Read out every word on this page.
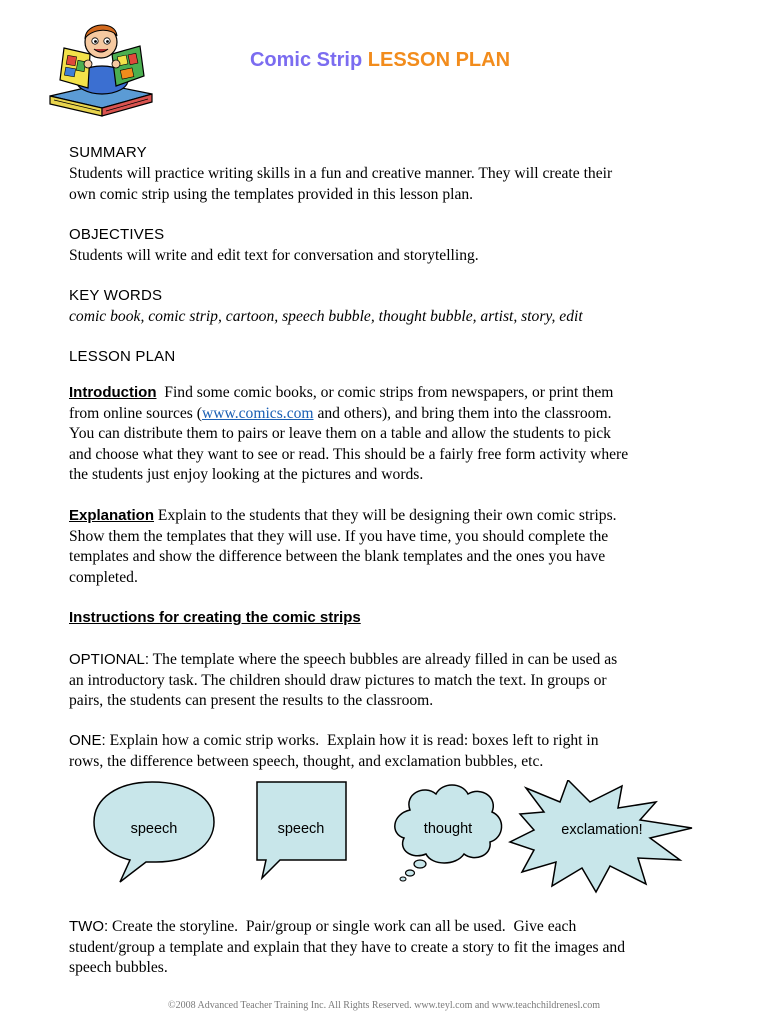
Comic Strip LESSON PLAN
SUMMARY
Students will practice writing skills in a fun and creative manner. They will create their
own comic strip using the templates provided in this lesson plan.
OBJECTIVES
Students will write and edit text for conversation and storytelling.
KEY WORDS
comic book, comic strip, cartoon, speech bubble, thought bubble, artist, story, edit
LESSON PLAN
Introduction  Find some comic books, or comic strips from newspapers, or print them
from online sources (www.comics.com and others), and bring them into the classroom.
You can distribute them to pairs or leave them on a table and allow the students to pick
and choose what they want to see or read. This should be a fairly free form activity where
the students just enjoy looking at the pictures and words.
Explanation Explain to the students that they will be designing their own comic strips.
Show them the templates that they will use. If you have time, you should complete the
templates and show the difference between the blank templates and the ones you have
completed.
Instructions for creating the comic strips
OPTIONAL: The template where the speech bubbles are already filled in can be used as
an introductory task. The children should draw pictures to match the text. In groups or
pairs, the students can present the results to the classroom.
ONE: Explain how a comic strip works.  Explain how it is read: boxes left to right in
rows, the difference between speech, thought, and exclamation bubbles, etc.
speech	speech	thought	exclamation!
TWO: Create the storyline.  Pair/group or single work can all be used.  Give each
student/group a template and explain that they have to create a story to fit the images and
speech bubbles.
©2008 Advanced Teacher Training Inc. All Rights Reserved. www.teyl.com and www.teachchildrenesl.com
